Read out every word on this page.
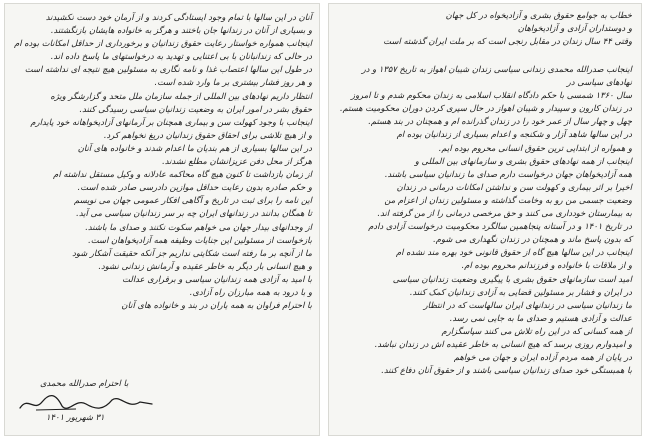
خطاب به جوامع حقوق بشری و آزادیخواه در کل جهان
و دوستداران آزادی و آزادیخواهان
وقتی ۴۴ سال زندان در مقابل رنجی است که بر ملت ایران گذشته است
اینجانب صدرالله محمدی زندانی سیاسی زندان شیبان اهواز به تاریخ ۱۳۵۷ و در نهادهای سیاسی در
سال ۱۳۶۰ شمسی با حکم دادگاه انقلاب اسلامی به زندان محکوم شدم و تا امروز
در زندان کارون و سپیدار و شیبان اهواز در حال سپری کردن دوران محکومیت هستم.
چهل و چهار سال از عمر خود را در زندان گذرانده ام و همچنان در بند هستم.
در این سالها شاهد آزار و شکنجه و اعدام بسیاری از زندانیان بوده ام
و همواره از ابتدایی ترین حقوق انسانی محروم بوده ایم.
اینجانب از همه نهادهای حقوق بشری و سازمانهای بین المللی و
همه آزادیخواهان جهان درخواست دارم صدای ما زندانیان سیاسی باشند.
اخیرا بر اثر بیماری و کهولت سن و نداشتن امکانات درمانی در زندان
وضعیت جسمی من رو به وخامت گذاشته و مسئولین زندان از اعزام من
به بیمارستان خودداری می کنند و حق مرخصی درمانی را از من گرفته اند.
در تاریخ ۱۴۰۱ و در آستانه پنجاهمین سالگرد محکومیت درخواست آزادی دادم
که بدون پاسخ ماند و همچنان در زندان نگهداری می شوم.
اینجانب در این سالها هیچ گاه از حقوق قانونی خود بهره مند نشده ام
و از ملاقات با خانواده و فرزندانم محروم بوده ام.
امید است سازمانهای حقوق بشری با پیگیری وضعیت زندانیان سیاسی
در ایران و فشار بر مسئولین قضایی به آزادی زندانیان کمک کنند.
ما زندانیان سیاسی در زندانهای ایران سالهاست که در انتظار
عدالت و آزادی هستیم و صدای ما به جایی نمی رسد.
از همه کسانی که در این راه تلاش می کنند سپاسگزارم
و امیدوارم روزی برسد که هیچ انسانی به خاطر عقیده اش در زندان نباشد.
در پایان از همه مردم آزاده ایران و جهان می خواهم
با همبستگی خود صدای زندانیان سیاسی باشند و از حقوق آنان دفاع کنند.
آنان در این سالها با تمام وجود ایستادگی کردند و از آرمان خود دست نکشیدند
و بسیاری از آنان در زندانها جان باختند و هرگز به خانواده هایشان بازنگشتند.
اینجانب همواره خواستار رعایت حقوق زندانیان و برخورداری از حداقل امکانات بوده ام
در حالی که زندانبانان با بی اعتنایی و تهدید به درخواستهای ما پاسخ داده اند.
در طول این سالها اعتصاب غذا و نامه نگاری به مسئولین هیچ نتیجه ای نداشته است
و هر روز فشار بیشتری بر ما وارد شده است.
انتظار داریم نهادهای بین المللی از جمله سازمان ملل متحد و گزارشگر ویژه
حقوق بشر در امور ایران به وضعیت زندانیان سیاسی رسیدگی کنند.
اینجانب با وجود کهولت سن و بیماری همچنان بر آرمانهای آزادیخواهانه خود پایدارم
و از هیچ تلاشی برای احقاق حقوق زندانیان دریغ نخواهم کرد.
در این سالها بسیاری از هم بندیان ما اعدام شدند و خانواده های آنان
هرگز از محل دفن عزیزانشان مطلع نشدند.
از زمان بازداشت تا کنون هیچ گاه محاکمه عادلانه و وکیل مستقل نداشته ام
و حکم صادره بدون رعایت حداقل موازین دادرسی صادر شده است.
این نامه را برای ثبت در تاریخ و آگاهی افکار عمومی جهان می نویسم
تا همگان بدانند در زندانهای ایران چه بر سر زندانیان سیاسی می آید.
از وجدانهای بیدار جهان می خواهم سکوت نکنند و صدای ما باشند.
بازخواست از مسئولین این جنایات وظیفه همه آزادیخواهان است.
ما از آنچه بر ما رفته است شکایتی نداریم جز آنکه حقیقت آشکار شود
و هیچ انسانی بار دیگر به خاطر عقیده و آرمانش زندانی نشود.
با امید به آزادی همه زندانیان سیاسی و برقراری عدالت
و با درود به همه مبارزان راه آزادی.
با احترام فراوان به همه یاران در بند و خانواده های آنان
با احترام صدرالله محمدی
۳۱ شهریور ۱۴۰۱
